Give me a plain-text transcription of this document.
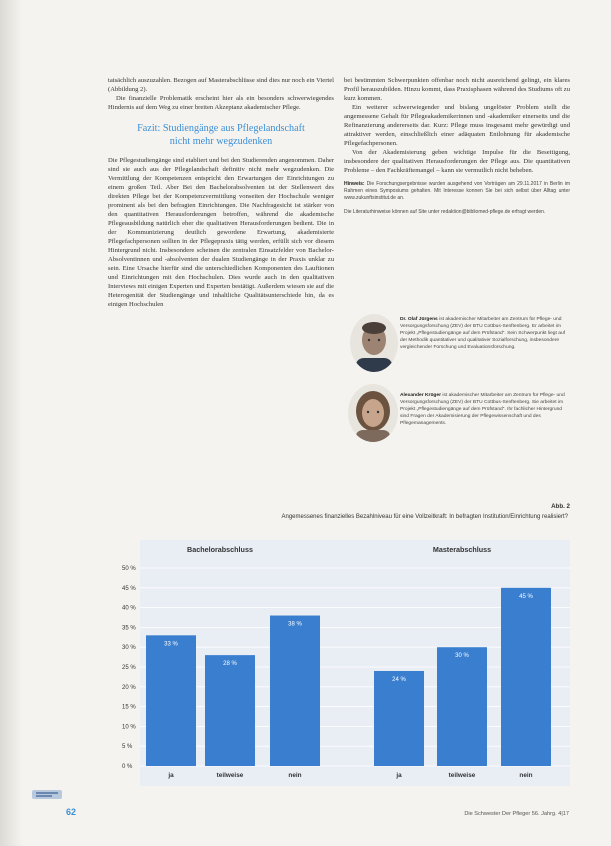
tatsächlich auszuzahlen. Bezogen auf Masterabschlüsse sind dies nur noch ein Viertel (Abbildung 2).

Die finanzielle Problematik erscheint hier als ein besonders schwerwiegendes Hindernis auf dem Weg zu einer breiten Akzeptanz akademischer Pflege.

Fazit: Studiengänge aus Pflegelandschaft
nicht mehr wegzudenken

Die Pflegestudiengänge sind etabliert und bei den Studierenden angenommen. Daher sind sie auch aus der Pflegelandschaft definitiv nicht mehr wegzudenken. Die Vermittlung der Kompetenzen entspricht den Erwartungen der Einrichtungen zu einem großen Teil. Aber Bei den Bachelorabsolventen ist der Stellenwert des direkten Pflege bei der Kompetenzvermittlung vonseiten der Hochschule weniger prominent als bei den befragten Einrichtungen. Die Nachfragesicht ist stärker von den quantitativen Herausforderungen betroffen, während die akademische Pflegeausbildung natürlich eher die qualitativen Herausforderungen bedient. Die in der Kommunizierung deutlich gewordene Erwartung, akademisierte Pflegefachpersonen sollten in der Pflegepraxis tätig werden, erfüllt sich vor diesem Hintergrund nicht. Insbesondere scheinen die zentralen Einsatzfelder von Bachelor-Absolventinnen und -absolventen der dualen Studiengänge in der Praxis unklar zu sein. Eine Ursache hierfür sind die unterschiedlichen Komponenten des Lauftionen und Einrichtungen mit den Hochschulen. Dies wurde auch in den qualitativen Interviews mit einigen Experten und Experten bestätigt. Außerdem wiesen sie auf die Heterogenität der Studiengänge und inhaltliche Qualitätsunterschiede hin, da es einigen Hochschulen

bei bestimmten Schwerpunkten offenbar noch nicht ausreichend gelingt, ein klares Profil herauszubilden. Hinzu kommt, dass Praxisphasen während des Studiums oft zu kurz kommen.

Ein weiterer schwerwiegender und bislang ungelöster Problem stellt die angemessene Gehalt für Pflegeakademikerinnen und -akademiker einerseits und die Refinanzierung andererseits dar. Kurz: Pflege muss insgesamt mehr gewürdigt und attraktiver werden, einschließlich einer adäquaten Entlohnung für akademische Pflegefachpersonen.

Von der Akademisierung geben wichtige Impulse für die Beseitigung, insbesondere der qualitativen Herausforderungen der Pflege aus. Die quantitativen Probleme – den Fachkräftemangel – kann sie vermutlich nicht beheben.

Hinweis: Die Forschungsergebnisse wurden ausgehend von Vorträgen am 29.11.2017 in Berlin im Rahmen eines Symposiums gehalten. Mit Interesse konnen Sie bei sich selbst über Alltag unter www.zukunftsinstitut.de an.
Die Literaturhinweise können auf Site unter redaktion@bibliomed-pflege.de erfragt werden.
Dr. Olaf Jürgens ist akademischer Mitarbeiter am Zentrum für Pflege- und Versorgungsforschung (ZEV) der BTU Cottbus-Senftenberg. Er arbeitet im Projekt „Pflegestudiengänge auf dem Prüfstand“. Sein Schwerpunkt liegt auf der Methodik quantitativer und qualitativer Sozialforschung, insbesondere vergleichender Forschung und Evaluationsforschung.
Alexander Krüger ist akademischer Mitarbeiter am Zentrum für Pflege- und Versorgungsforschung (ZEV) der BTU Cottbus-Senftenberg. Sie arbeitet im Projekt „Pflegestudiengänge auf dem Prüfstand“. Ihr fachlicher Hintergrund sind Fragen der Akademisierung der Pflegewissenschaft und des Pflegemanagements.
Abb. 2
Angemessenes finanzielles Bezahlniveau für eine Vollzeitkraft: In befragten Institution/Einrichtung realisiert?
0 %
5 %
10 %
15 %
20 %
25 %
30 %
35 %
40 %
45 %
50 %
Bachelorabschluss
33 %
ja
28 %
teilweise
38 %
nein
Masterabschluss
24 %
ja
30 %
teilweise
45 %
nein
62	Die Schwester Der Pfleger 56. Jahrg. 4|17
